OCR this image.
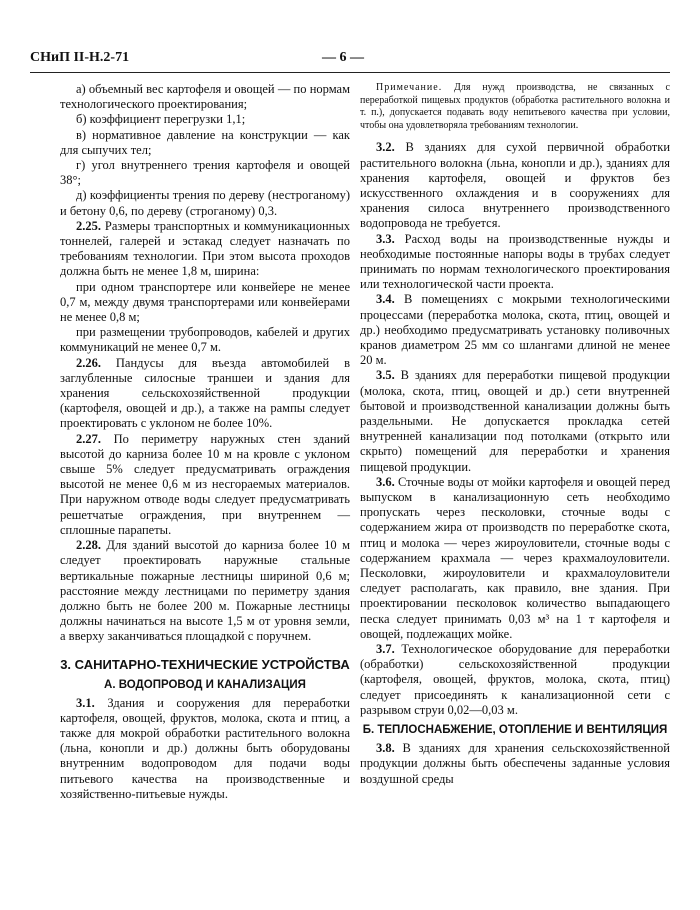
СНиП II-Н.2-71	— 6 —

а) объемный вес картофеля и овощей — по нормам технологического проектирования;

б) коэффициент перегрузки 1,1;

в) нормативное давление на конструкции — как для сыпучих тел;

г) угол внутреннего трения картофеля и овощей 38°;

д) коэффициенты трения по дереву (нестроганому) и бетону 0,6, по дереву (строганому) 0,3.

2.25. Размеры транспортных и коммуникационных тоннелей, галерей и эстакад следует назначать по требованиям технологии. При этом высота проходов должна быть не менее 1,8 м, ширина:

при одном транспортере или конвейере не менее 0,7 м, между двумя транспортерами или конвейерами не менее 0,8 м;

при размещении трубопроводов, кабелей и других коммуникаций не менее 0,7 м.

2.26. Пандусы для въезда автомобилей в заглубленные силосные траншеи и здания для хранения сельскохозяйственной продукции (картофеля, овощей и др.), а также на рампы следует проектировать с уклоном не более 10%.

2.27. По периметру наружных стен зданий высотой до карниза более 10 м на кровле с уклоном свыше 5% следует предусматривать ограждения высотой не менее 0,6 м из несгораемых материалов. При наружном отводе воды следует предусматривать решетчатые ограждения, при внутреннем — сплошные парапеты.

2.28. Для зданий высотой до карниза более 10 м следует проектировать наружные стальные вертикальные пожарные лестницы шириной 0,6 м; расстояние между лестницами по периметру здания должно быть не более 200 м. Пожарные лестницы должны начинаться на высоте 1,5 м от уровня земли, а вверху заканчиваться площадкой с поручнем.

3. САНИТАРНО-ТЕХНИЧЕСКИЕ УСТРОЙСТВА

А. ВОДОПРОВОД И КАНАЛИЗАЦИЯ

3.1. Здания и сооружения для переработки картофеля, овощей, фруктов, молока, скота и птиц, а также для мокрой обработки растительного волокна (льна, конопли и др.) должны быть оборудованы внутренним водопроводом для подачи воды питьевого качества на производственные и хозяйственно-питьевые нужды.

Примечание. Для нужд производства, не связанных с переработкой пищевых продуктов (обработка растительного волокна и т. п.), допускается подавать воду непитьевого качества при условии, чтобы она удовлетворяла требованиям технологии.

3.2. В зданиях для сухой первичной обработки растительного волокна (льна, конопли и др.), зданиях для хранения картофеля, овощей и фруктов без искусственного охлаждения и в сооружениях для хранения силоса внутреннего производственного водопровода не требуется.

3.3. Расход воды на производственные нужды и необходимые постоянные напоры воды в трубах следует принимать по нормам технологического проектирования или технологической части проекта.

3.4. В помещениях с мокрыми технологическими процессами (переработка молока, скота, птиц, овощей и др.) необходимо предусматривать установку поливочных кранов диаметром 25 мм со шлангами длиной не менее 20 м.

3.5. В зданиях для переработки пищевой продукции (молока, скота, птиц, овощей и др.) сети внутренней бытовой и производственной канализации должны быть раздельными. Не допускается прокладка сетей внутренней канализации под потолками (открыто или скрыто) помещений для переработки и хранения пищевой продукции.

3.6. Сточные воды от мойки картофеля и овощей перед выпуском в канализационную сеть необходимо пропускать через песколовки, сточные воды с содержанием жира от производств по переработке скота, птиц и молока — через жироуловители, сточные воды с содержанием крахмала — через крахмалоуловители. Песколовки, жироуловители и крахмалоуловители следует располагать, как правило, вне здания. При проектировании песколовок количество выпадающего песка следует принимать 0,03 м³ на 1 т картофеля и овощей, подлежащих мойке.

3.7. Технологическое оборудование для переработки (обработки) сельскохозяйственной продукции (картофеля, овощей, фруктов, молока, скота, птиц) следует присоединять к канализационной сети с разрывом струи 0,02—0,03 м.

Б. ТЕПЛОСНАБЖЕНИЕ, ОТОПЛЕНИЕ И ВЕНТИЛЯЦИЯ

3.8. В зданиях для хранения сельскохозяйственной продукции должны быть обеспечены заданные условия воздушной среды
